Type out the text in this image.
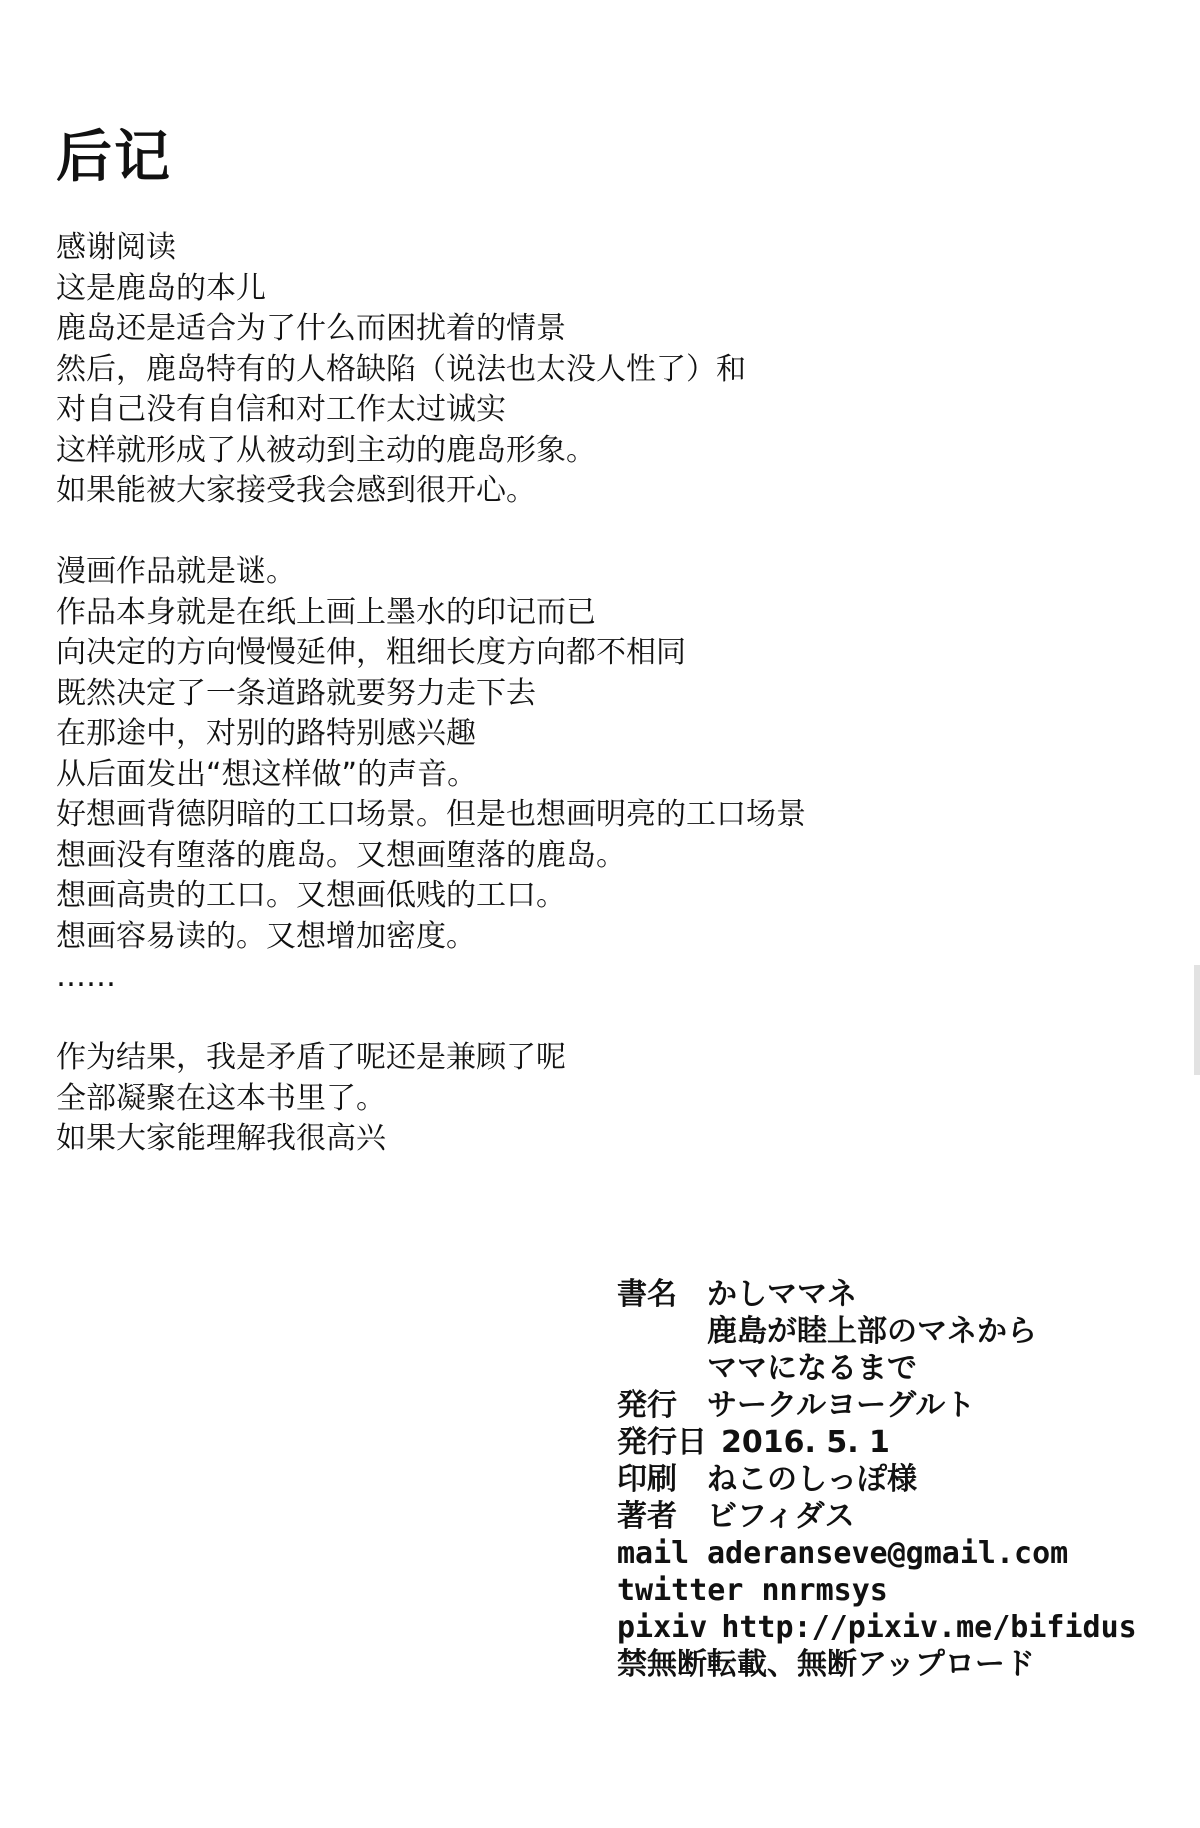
后记
感谢阅读
这是鹿岛的本儿
鹿岛还是适合为了什么而困扰着的情景
然后，鹿岛特有的人格缺陷（说法也太没人性了）和
对自己没有自信和对工作太过诚实
这样就形成了从被动到主动的鹿岛形象。
如果能被大家接受我会感到很开心。
漫画作品就是谜。
作品本身就是在纸上画上墨水的印记而已
向决定的方向慢慢延伸，粗细长度方向都不相同
既然决定了一条道路就要努力走下去
在那途中，对别的路特别感兴趣
从后面发出“想这样做”的声音。
好想画背德阴暗的工口场景。但是也想画明亮的工口场景
想画没有堕落的鹿岛。又想画堕落的鹿岛。
想画高贵的工口。又想画低贱的工口。
想画容易读的。又想增加密度。
……
作为结果，我是矛盾了呢还是兼顾了呢
全部凝聚在这本书里了。
如果大家能理解我很高兴
書名	かしママネ
鹿島が睦上部のマネから
ママになるまで
発行	サークルヨーグルト
発行日 2016. 5. 1
印刷	ねこのしっぽ様
著者	ビフィダス
mail aderanseve@gmail.com
twitter nnrmsys
pixiv http://pixiv.me/bifidus
禁無断転載、無断アップロード
